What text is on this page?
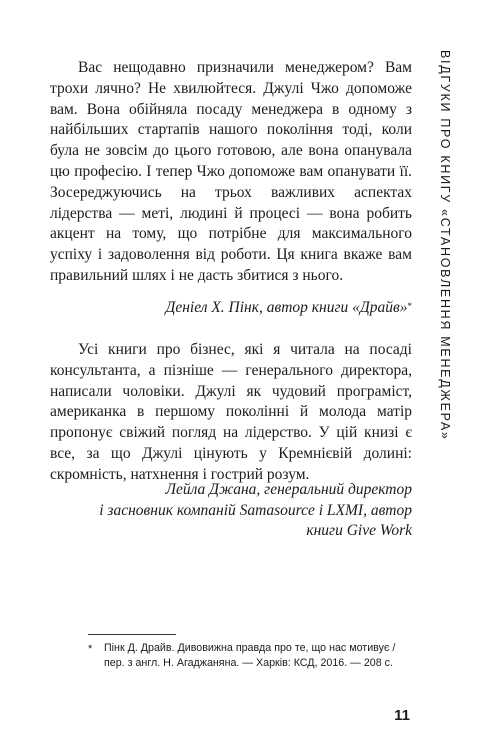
Вас нещодавно призначили менеджером? Вам трохи лячно? Не хвилюйтеся. Джулі Чжо допоможе вам. Вона обійняла посаду менеджера в одному з найбільших стартапів нашого покоління тоді, коли була не зовсім до цього готовою, але вона опанувала цю професію. І тепер Чжо допоможе вам опанувати її. Зосереджуючись на трьох важливих аспектах лідерства — меті, людині й процесі — вона робить акцент на тому, що потрібне для максимального успіху і задоволення від роботи. Ця книга вкаже вам правильний шлях і не дасть збитися з нього.

Деніел Х. Пінк, автор книги «Драйв»*

Усі книги про бізнес, які я читала на посаді консультанта, а пізніше — генерального директора, написали чоловіки. Джулі як чудовий програміст, американка в першому поколінні й молода матір пропонує свіжий погляд на лідерство. У цій книзі є все, за що Джулі цінують у Кремнієвій долині: скромність, натхнення і гострий розум.

Лейла Джана, генеральний директор
і засновник компаній Samasource і LXMI, автор
книги Give Work

* Пінк Д. Драйв. Дивовижна правда про те, що нас мотивує / пер. з англ. Н. Агаджаняна. — Харків: КСД, 2016. — 208 с.

11
ВІДГУКИ ПРО КНИГУ «СТАНОВЛЕННЯ МЕНЕДЖЕРА»
